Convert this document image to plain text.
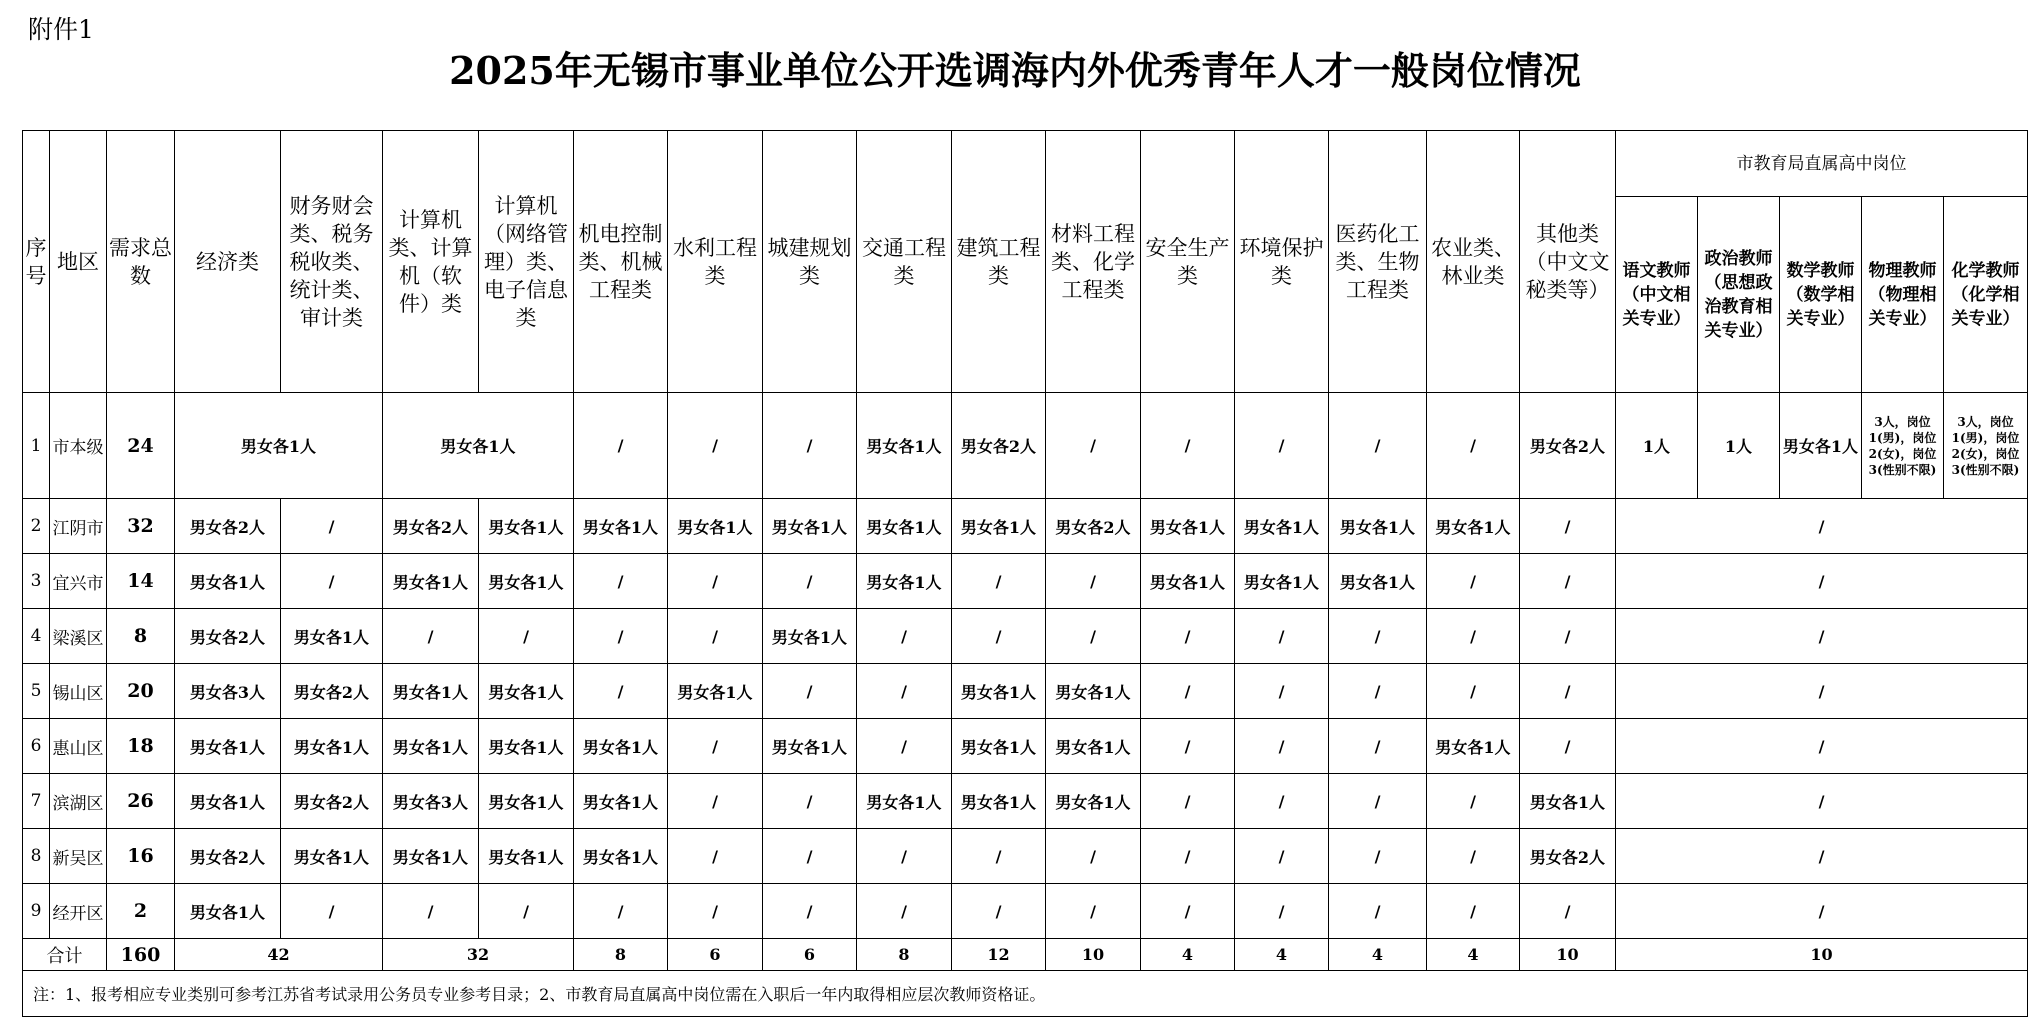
附件1
2025年无锡市事业单位公开选调海内外优秀青年人才一般岗位情况
序号	地区	需求总数	经济类	财务财会类、税务税收类、统计类、审计类	计算机类、计算机（软件）类	计算机（网络管理）类、电子信息类	机电控制类、机械工程类	水利工程类	城建规划类	交通工程类	建筑工程类	材料工程类、化学工程类	安全生产类	环境保护类	医药化工类、生物工程类	农业类、林业类	其他类（中文文秘类等）	市教育局直属高中岗位				
																		语文教师（中文相关专业）	政治教师（思想政治教育相关专业）	数学教师（数学相关专业）	物理教师（物理相关专业）	化学教师（化学相关专业）
1	市本级	24	男女各1人		男女各1人		/	/	/	男女各1人	男女各2人	/	/	/	/	/	男女各2人	1人	1人	男女各1人	3人，岗位1(男)，岗位2(女)，岗位3(性别不限)	3人，岗位1(男)，岗位2(女)，岗位3(性别不限)
2	江阴市	32	男女各2人	/	男女各2人	男女各1人	男女各1人	男女各1人	男女各1人	男女各1人	男女各1人	男女各2人	男女各1人	男女各1人	男女各1人	男女各1人	/	/				
3	宜兴市	14	男女各1人	/	男女各1人	男女各1人	/	/	/	男女各1人	/	/	男女各1人	男女各1人	男女各1人	/	/	/				
4	梁溪区	8	男女各2人	男女各1人	/	/	/	/	男女各1人	/	/	/	/	/	/	/	/	/				
5	锡山区	20	男女各3人	男女各2人	男女各1人	男女各1人	/	男女各1人	/	/	男女各1人	男女各1人	/	/	/	/	/	/				
6	惠山区	18	男女各1人	男女各1人	男女各1人	男女各1人	男女各1人	/	男女各1人	/	男女各1人	男女各1人	/	/	/	男女各1人	/	/				
7	滨湖区	26	男女各1人	男女各2人	男女各3人	男女各1人	男女各1人	/	/	男女各1人	男女各1人	男女各1人	/	/	/	/	男女各1人	/				
8	新吴区	16	男女各2人	男女各1人	男女各1人	男女各1人	男女各1人	/	/	/	/	/	/	/	/	/	男女各2人	/				
9	经开区	2	男女各1人	/	/	/	/	/	/	/	/	/	/	/	/	/	/	/				
合计		160	42		32		8	6	6	8	12	10	4	4	4	4	10	10				
注：1、报考相应专业类别可参考江苏省考试录用公务员专业参考目录；2、市教育局直属高中岗位需在入职后一年内取得相应层次教师资格证。																						
